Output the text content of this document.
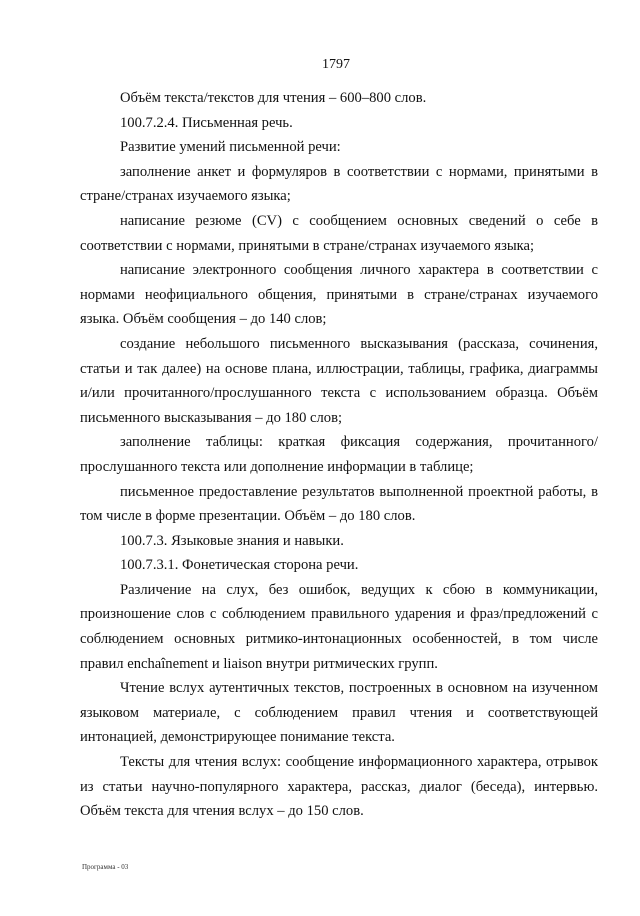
1797

Объём текста/текстов для чтения – 600–800 слов.

100.7.2.4. Письменная речь.

Развитие умений письменной речи:

заполнение анкет и формуляров в соответствии с нормами, принятыми в стране/странах изучаемого языка;

написание резюме (CV) с сообщением основных сведений о себе в соответствии с нормами, принятыми в стране/странах изучаемого языка;

написание электронного сообщения личного характера в соответствии с нормами неофициального общения, принятыми в стране/странах изучаемого языка. Объём сообщения – до 140 слов;

создание небольшого письменного высказывания (рассказа, сочинения, статьи и так далее) на основе плана, иллюстрации, таблицы, графика, диаграммы и/или прочитанного/прослушанного текста с использованием образца. Объём письменного высказывания – до 180 слов;

заполнение таблицы: краткая фиксация содержания, прочитанного/ прослушанного текста или дополнение информации в таблице;

письменное предоставление результатов выполненной проектной работы, в том числе в форме презентации. Объём – до 180 слов.

100.7.3. Языковые знания и навыки.

100.7.3.1. Фонетическая сторона речи.

Различение на слух, без ошибок, ведущих к сбою в коммуникации, произношение слов с соблюдением правильного ударения и фраз/предложений с соблюдением основных ритмико-интонационных особенностей, в том числе правил enchaînement и liaison внутри ритмических групп.

Чтение вслух аутентичных текстов, построенных в основном на изученном языковом материале, с соблюдением правил чтения и соответствующей интонацией, демонстрирующее понимание текста.

Тексты для чтения вслух: сообщение информационного характера, отрывок из статьи научно-популярного характера, рассказ, диалог (беседа), интервью. Объём текста для чтения вслух – до 150 слов.

Программа - 03
